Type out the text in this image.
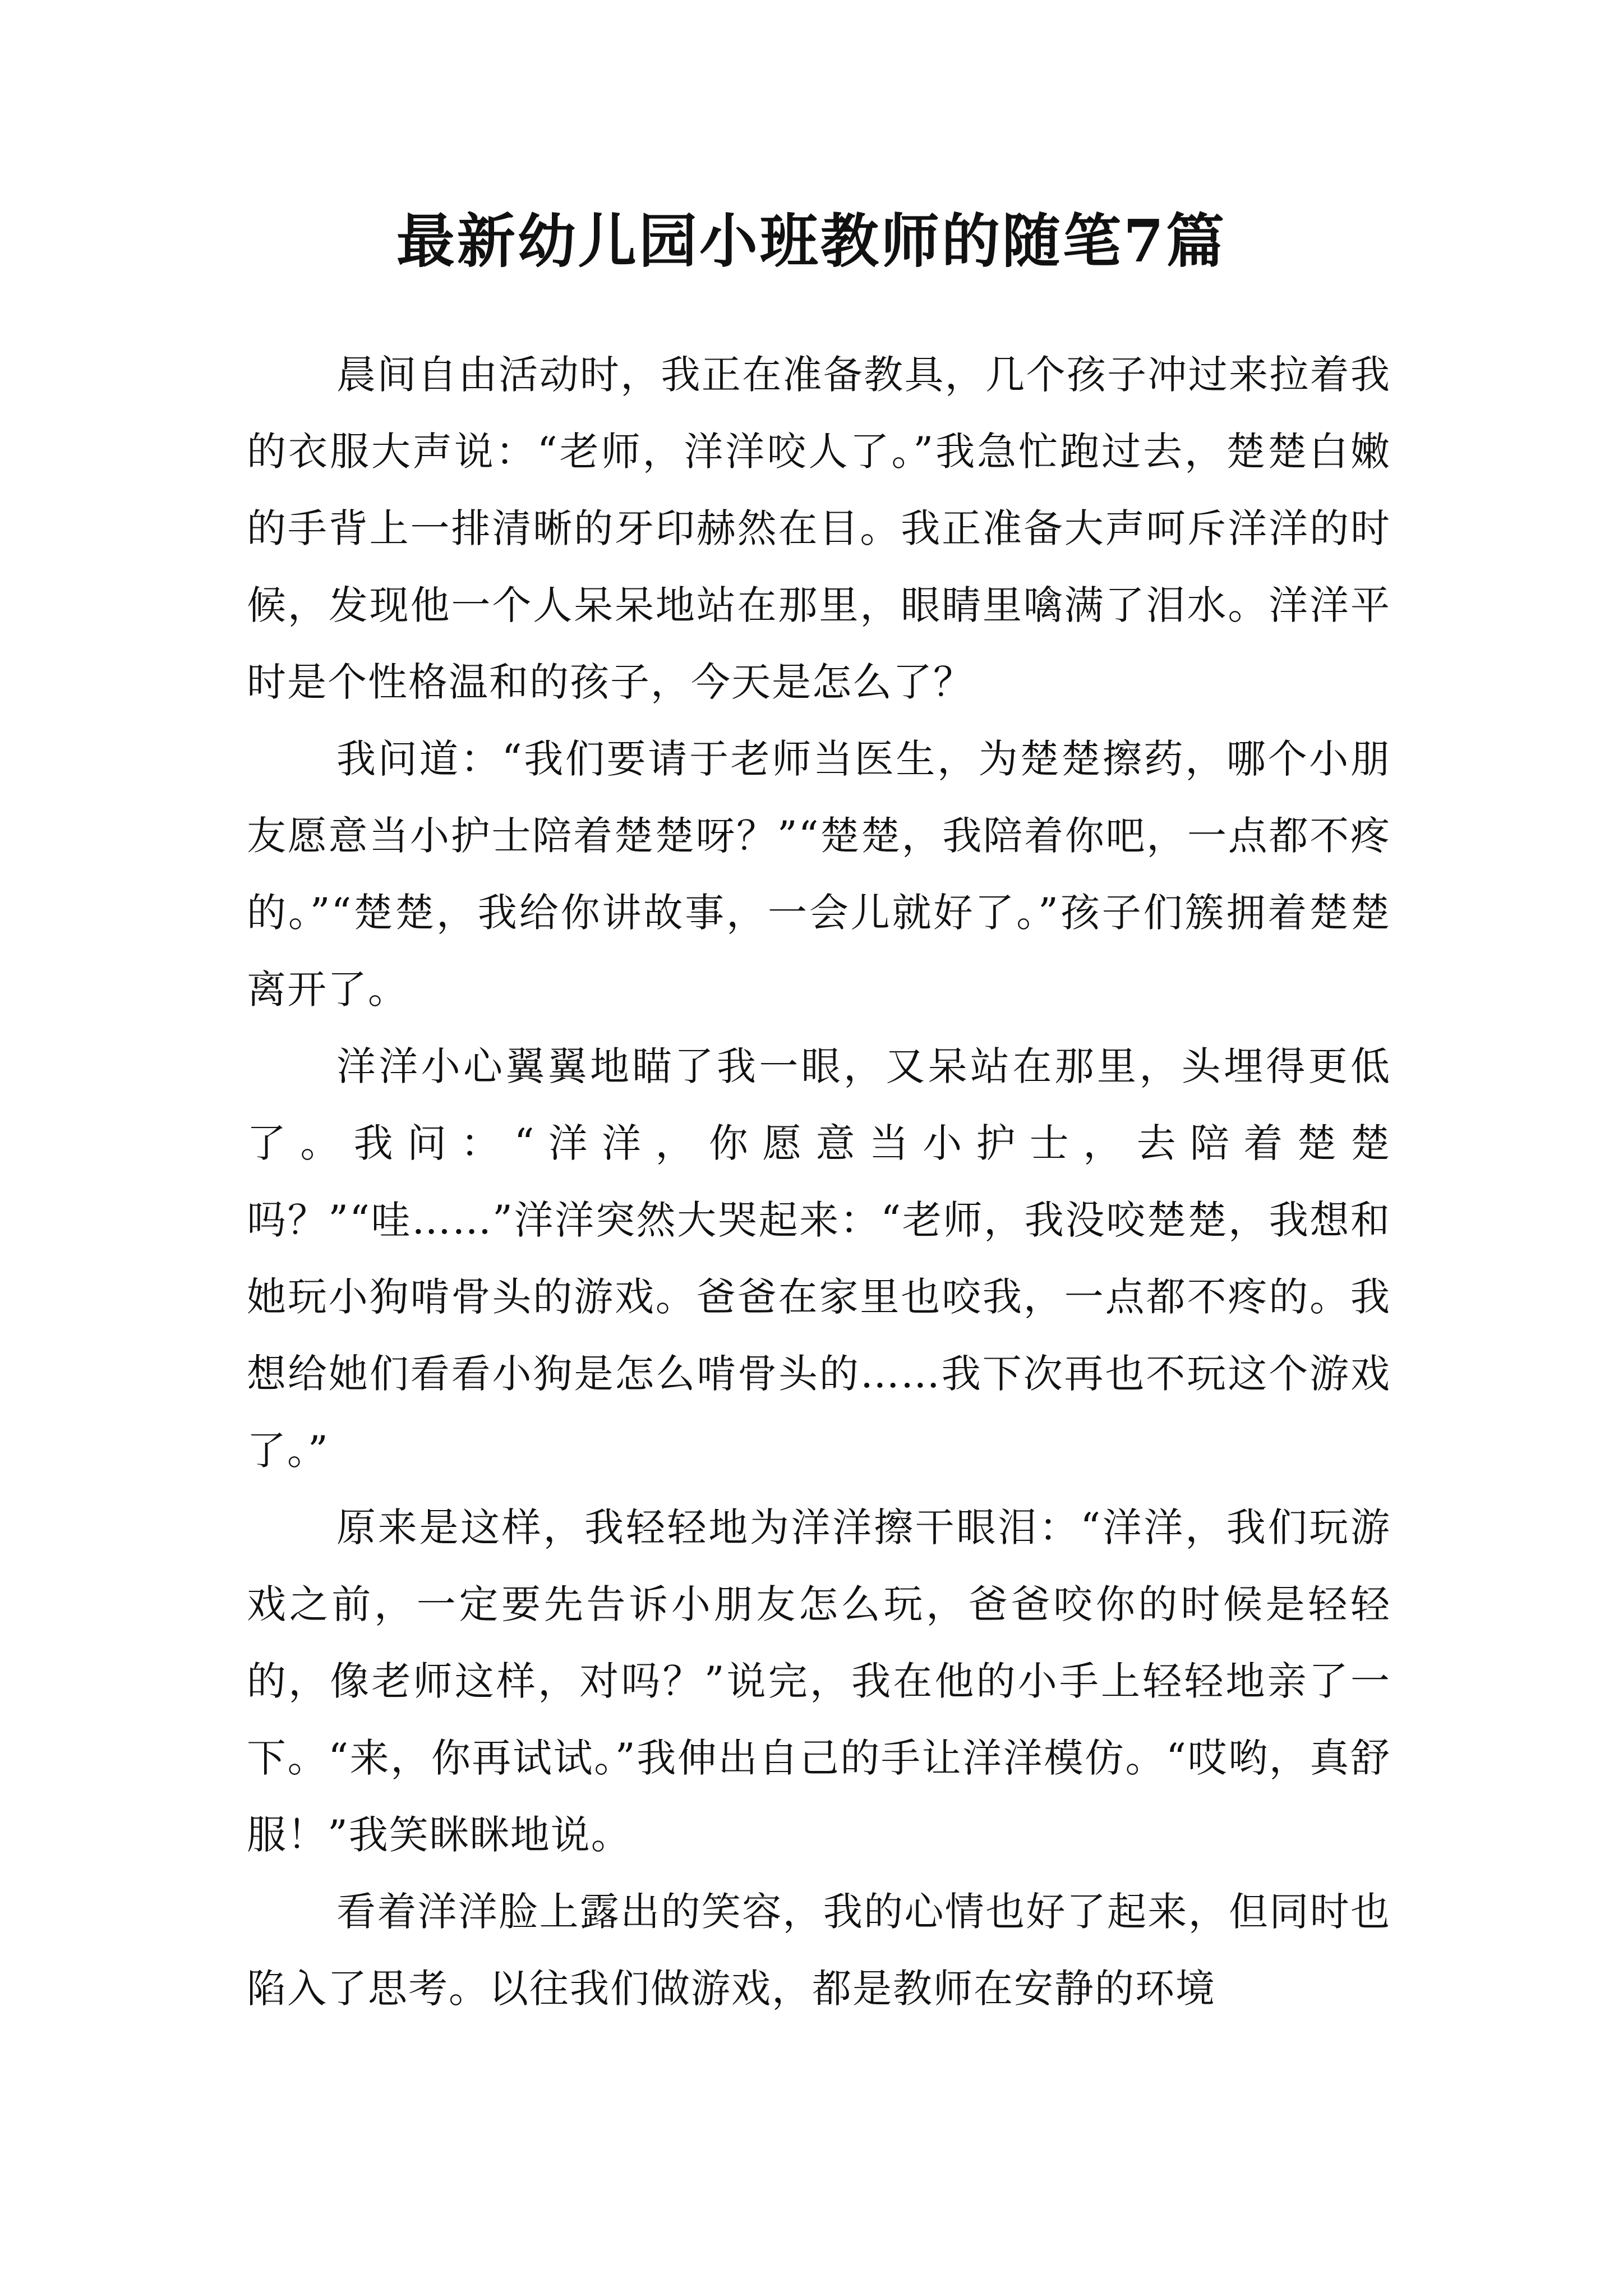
最新幼儿园小班教师的随笔7篇

晨间自由活动时，我正在准备教具，几个孩子冲过来拉着我的衣服大声说：“老师，洋洋咬人了。”我急忙跑过去，楚楚白嫩的手背上一排清晰的牙印赫然在目。我正准备大声呵斥洋洋的时候，发现他一个人呆呆地站在那里，眼睛里噙满了泪水。洋洋平时是个性格温和的孩子，今天是怎么了？

我问道：“我们要请于老师当医生，为楚楚擦药，哪个小朋友愿意当小护士陪着楚楚呀？”“楚楚，我陪着你吧，一点都不疼的。”“楚楚，我给你讲故事，一会儿就好了。”孩子们簇拥着楚楚离开了。

洋洋小心翼翼地瞄了我一眼，又呆站在那里，头埋得更低了。我问：“洋洋，你愿意当小护士，去陪着楚楚吗？”“哇……”洋洋突然大哭起来：“老师，我没咬楚楚，我想和她玩小狗啃骨头的游戏。爸爸在家里也咬我，一点都不疼的。我想给她们看看小狗是怎么啃骨头的……我下次再也不玩这个游戏了。”

原来是这样，我轻轻地为洋洋擦干眼泪：“洋洋，我们玩游戏之前，一定要先告诉小朋友怎么玩，爸爸咬你的时候是轻轻的，像老师这样，对吗？”说完，我在他的小手上轻轻地亲了一下。“来，你再试试。”我伸出自己的手让洋洋模仿。“哎哟，真舒服！”我笑眯眯地说。

看着洋洋脸上露出的笑容，我的心情也好了起来，但同时也陷入了思考。以往我们做游戏，都是教师在安静的环境
